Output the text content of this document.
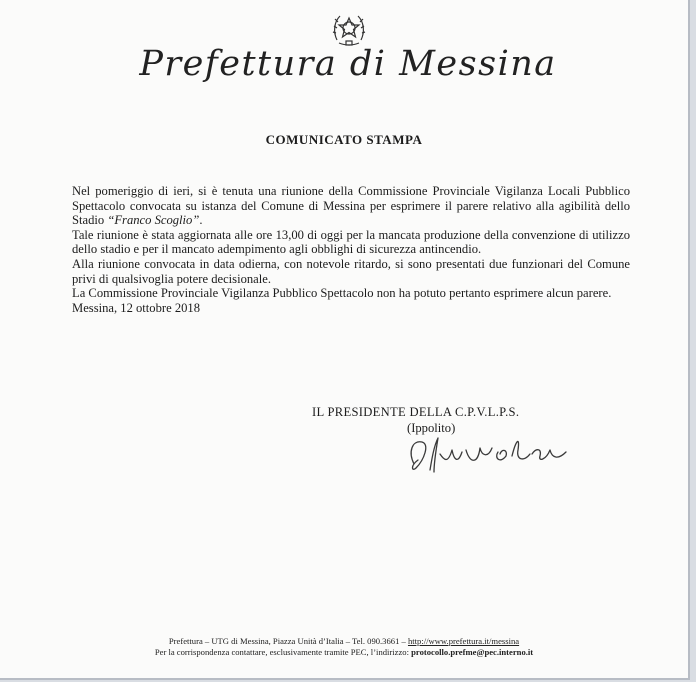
Prefettura di Messina
COMUNICATO STAMPA

Nel pomeriggio di ieri, si è tenuta una riunione della Commissione Provinciale Vigilanza Locali Pubblico Spettacolo convocata su istanza del Comune di Messina per esprimere il parere relativo alla agibilità dello Stadio “Franco Scoglio”.

Tale riunione è stata aggiornata alle ore 13,00 di oggi per la mancata produzione della convenzione di utilizzo dello stadio e per il mancato adempimento agli obblighi di sicurezza antincendio.

Alla riunione convocata in data odierna, con notevole ritardo, si sono presentati due funzionari del Comune privi di qualsivoglia potere decisionale.

La Commissione Provinciale Vigilanza Pubblico Spettacolo non ha potuto pertanto esprimere alcun parere.

Messina, 12 ottobre 2018

IL PRESIDENTE DELLA C.P.V.L.P.S.
(Ippolito)
Prefettura – UTG di Messina, Piazza Unità d’Italia – Tel. 090.3661 – http://www.prefettura.it/messina
Per la corrispondenza contattare, esclusivamente tramite PEC, l’indirizzo: protocollo.prefme@pec.interno.it
